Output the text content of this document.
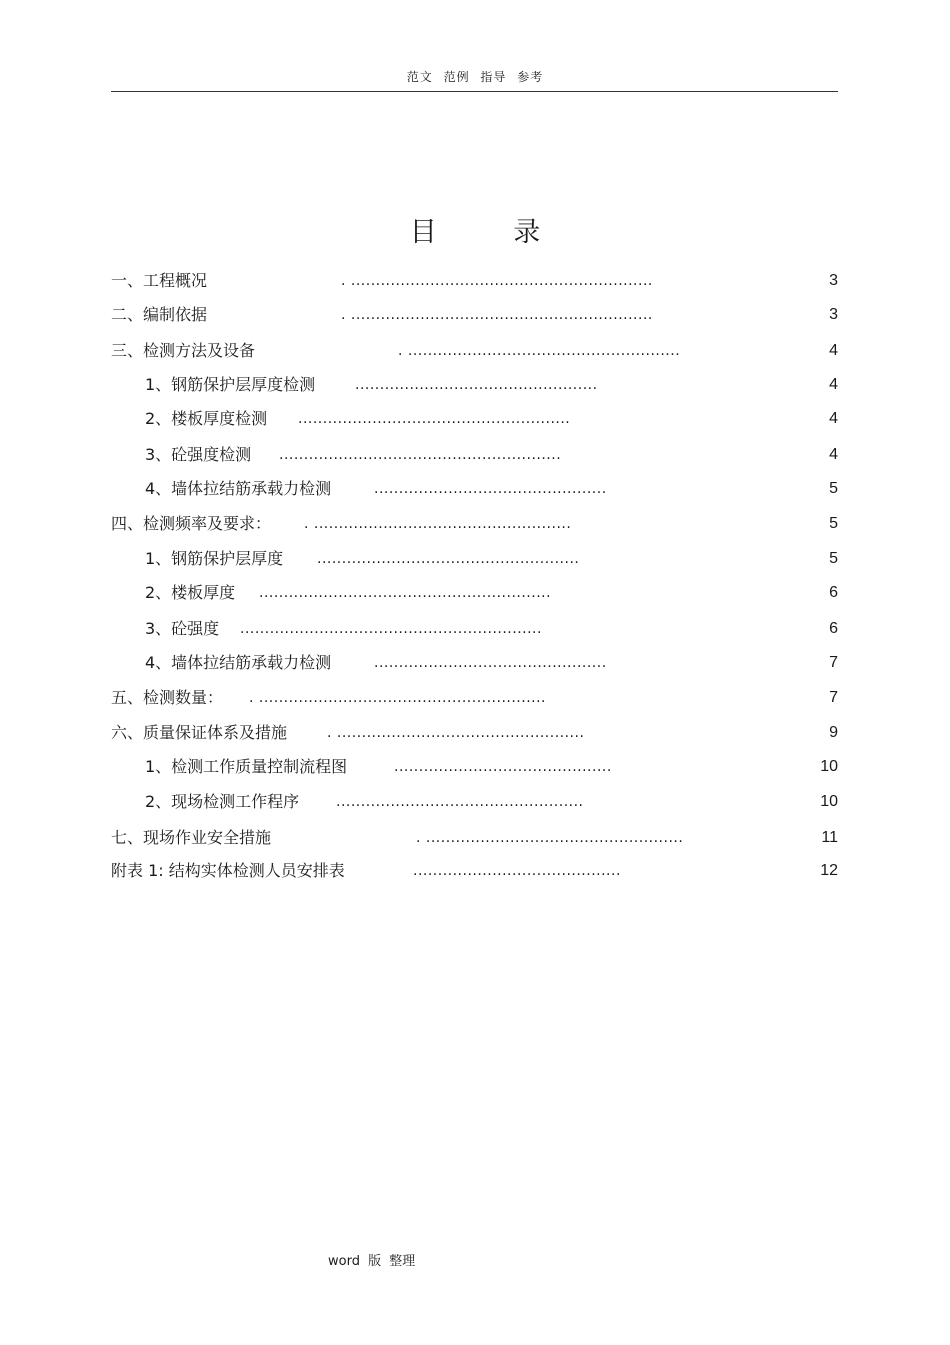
范文 范例 指导 参考
目 录
一、工程概况	. .............................................................	3
二、编制依据	. .............................................................	3
三、检测方法及设备	. .......................................................	4
1、钢筋保护层厚度检测	.................................................	4
2、楼板厚度检测 .......................................................	4
3、砼强度检测 .........................................................	4
4、墙体拉结筋承载力检测	...............................................	5
四、检测频率及要求： . ....................................................	5
1、钢筋保护层厚度 .....................................................	5
2、楼板厚度 ...........................................................	6
3、砼强度 .............................................................	6
4、墙体拉结筋承载力检测	...............................................	7
五、检测数量： . ..........................................................	7
六、质量保证体系及措施	. ..................................................	9
1、检测工作质量控制流程图	............................................	10
2、现场检测工作程序	..................................................	10
七、现场作业安全措施	. ....................................................	11
附表 1: 结构实体检测人员安排表	..........................................	12
word 版 整理
